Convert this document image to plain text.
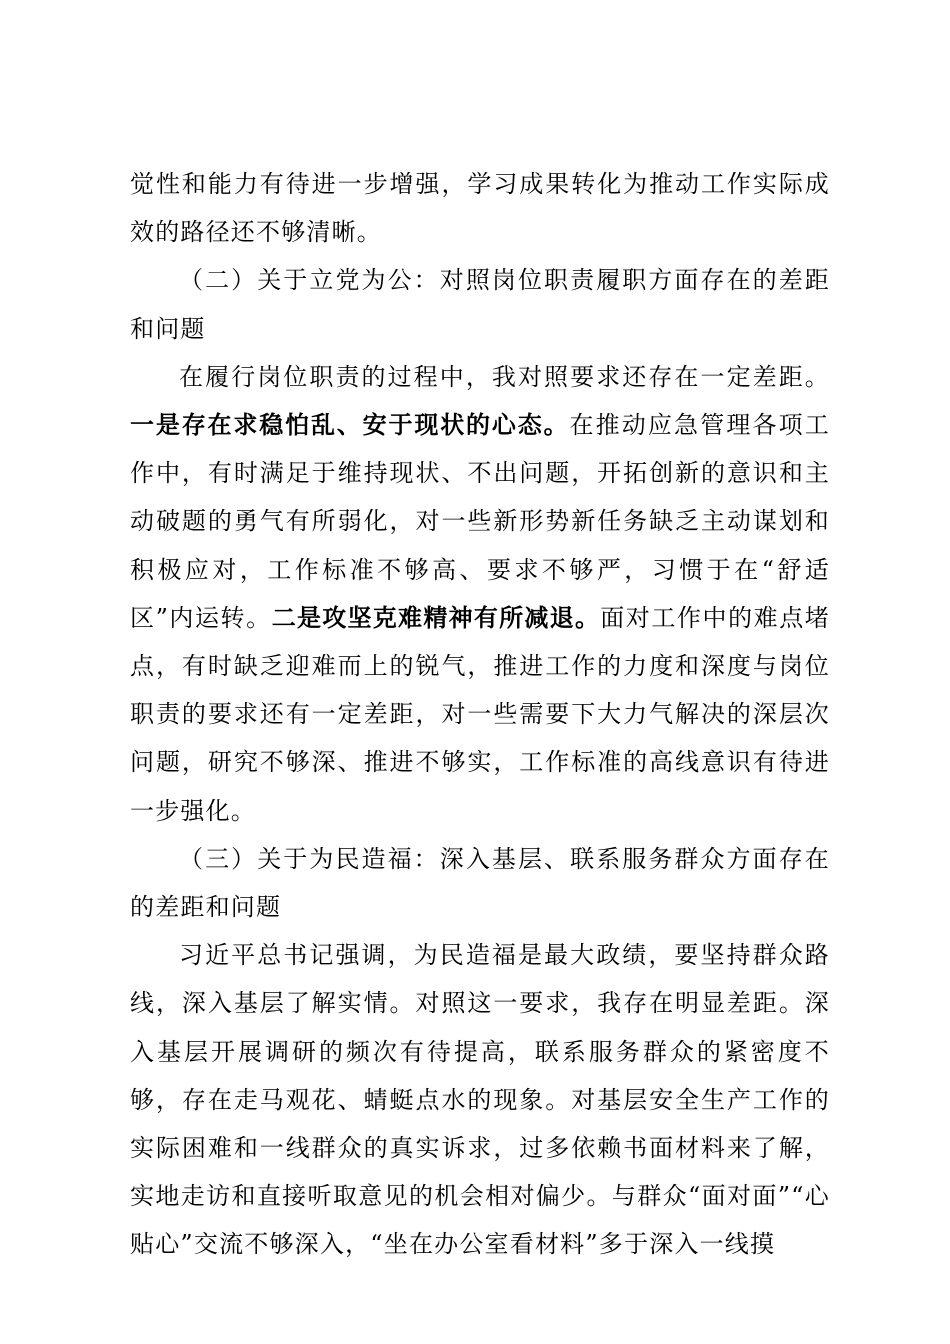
觉性和能力有待进一步增强，学习成果转化为推动工作实际成效的路径还不够清晰。

（二）关于立党为公：对照岗位职责履职方面存在的差距和问题

在履行岗位职责的过程中，我对照要求还存在一定差距。一是存在求稳怕乱、安于现状的心态。在推动应急管理各项工作中，有时满足于维持现状、不出问题，开拓创新的意识和主动破题的勇气有所弱化，对一些新形势新任务缺乏主动谋划和积极应对，工作标准不够高、要求不够严，习惯于在“舒适区”内运转。二是攻坚克难精神有所减退。面对工作中的难点堵点，有时缺乏迎难而上的锐气，推进工作的力度和深度与岗位职责的要求还有一定差距，对一些需要下大力气解决的深层次问题，研究不够深、推进不够实，工作标准的高线意识有待进一步强化。

（三）关于为民造福：深入基层、联系服务群众方面存在的差距和问题

习近平总书记强调，为民造福是最大政绩，要坚持群众路线，深入基层了解实情。对照这一要求，我存在明显差距。深入基层开展调研的频次有待提高，联系服务群众的紧密度不够，存在走马观花、蜻蜓点水的现象。对基层安全生产工作的实际困难和一线群众的真实诉求，过多依赖书面材料来了解，实地走访和直接听取意见的机会相对偏少。与群众“面对面”“心贴心”交流不够深入，“坐在办公室看材料”多于深入一线摸
